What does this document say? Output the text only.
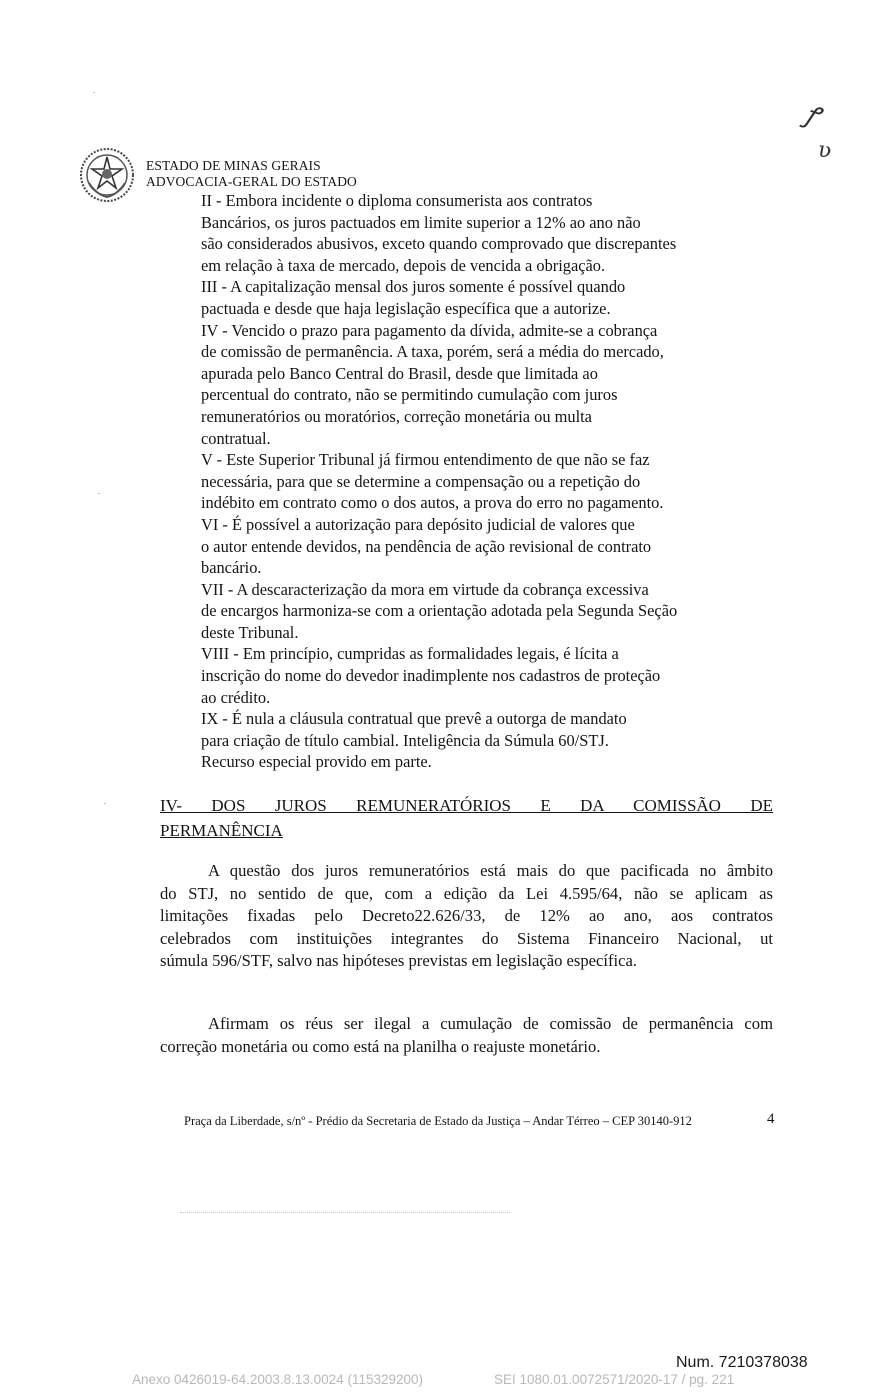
ꝭ
ʋ
ESTADO DE MINAS GERAIS
ADVOCACIA-GERAL DO ESTADO
II - Embora incidente o diploma consumerista aos contratos
Bancários, os juros pactuados em limite superior a 12% ao ano não
são considerados abusivos, exceto quando comprovado que discrepantes
em relação à taxa de mercado, depois de vencida a obrigação.
III - A capitalização mensal dos juros somente é possível quando
pactuada e desde que haja legislação específica que a autorize.
IV - Vencido o prazo para pagamento da dívida, admite-se a cobrança
de comissão de permanência. A taxa, porém, será a média do mercado,
apurada pelo Banco Central do Brasil, desde que limitada ao
percentual do contrato, não se permitindo cumulação com juros
remuneratórios ou moratórios, correção monetária ou multa
contratual.
V - Este Superior Tribunal já firmou entendimento de que não se faz
necessária, para que se determine a compensação ou a repetição do
indébito em contrato como o dos autos, a prova do erro no pagamento.
VI - É possível a autorização para depósito judicial de valores que
o autor entende devidos, na pendência de ação revisional de contrato
bancário.
VII - A descaracterização da mora em virtude da cobrança excessiva
de encargos harmoniza-se com a orientação adotada pela Segunda Seção
deste Tribunal.
VIII - Em princípio, cumpridas as formalidades legais, é lícita a
inscrição do nome do devedor inadimplente nos cadastros de proteção
ao crédito.
IX - É nula a cláusula contratual que prevê a outorga de mandato
para criação de título cambial. Inteligência da Súmula 60/STJ.
Recurso especial provido em parte.
IV- DOS JUROS REMUNERATÓRIOS E DA COMISSÃO DE
PERMANÊNCIA
A questão dos juros remuneratórios está mais do que pacificada no âmbito
do STJ, no sentido de que, com a edição da Lei 4.595/64, não se aplicam as
limitações fixadas pelo Decreto22.626/33, de 12% ao ano, aos contratos
celebrados com instituições integrantes do Sistema Financeiro Nacional, ut
súmula 596/STF, salvo nas hipóteses previstas em legislação específica.
Afirmam os réus ser ilegal a cumulação de comissão de permanência com
correção monetária ou como está na planilha o reajuste monetário.
Praça da Liberdade, s/nº - Prédio da Secretaria de Estado da Justiça – Andar Térreo – CEP 30140-912	4
Num. 7210378038
Anexo 0426019-64.2003.8.13.0024 (115329200)	SEI 1080.01.0072571/2020-17 / pg. 221
